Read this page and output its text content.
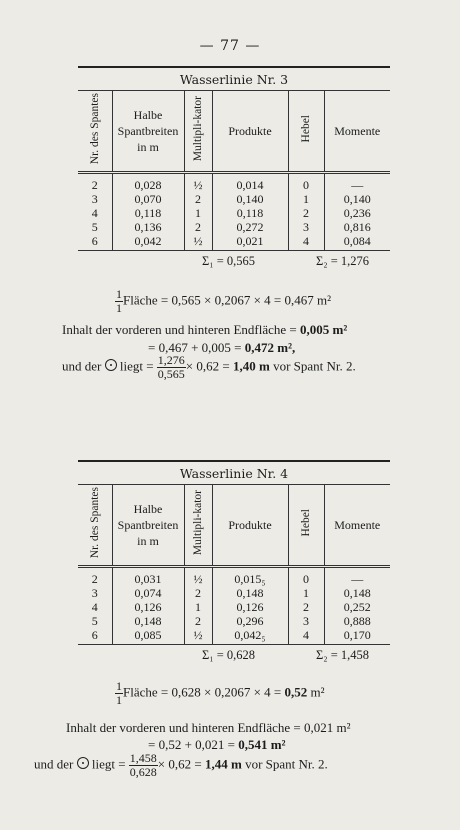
— 77 —
Wasserlinie Nr. 3
Nr. des Spantes	Halbe
Spantbreiten
in m	Multipli-kator	Produkte	Hebel	Momente
2	0,028	½	0,014	0	—
3	0,070	2	0,140	1	0,140
4	0,118	1	0,118	2	0,236
5	0,136	2	0,272	3	0,816
6	0,042	½	0,021	4	0,084
Σ₁ = 0,565	Σ₂ = 1,276
$\frac{1}{1}$ Fläche = 0,565 × 0,2067 × 4 = 0,467 m²
Inhalt der vorderen und hinteren Endfläche = 0,005 m²
= 0,467 + 0,005 = 0,472 m²,
und der liegt = $\frac{1,276}{0,565} \times 0,62 = 1,40$ m vor Spant Nr. 2.
Wasserlinie Nr. 4
Nr. des Spantes	Halbe
Spantbreiten
in m	Multipli-kator	Produkte	Hebel	Momente
2	0,031	½	0,015₅	0	—
3	0,074	2	0,148	1	0,148
4	0,126	1	0,126	2	0,252
5	0,148	2	0,296	3	0,888
6	0,085	½	0,042₅	4	0,170
Σ₁ = 0,628	Σ₂ = 1,458
$\frac{1}{1}$ Fläche = 0,628 × 0,2067 × 4 = 0,52 m²
Inhalt der vorderen und hinteren Endfläche = 0,021 m²
= 0,52 + 0,021 = 0,541 m²
und der liegt = $\frac{1,458}{0,628} \times 0,62 = 1,44$ m vor Spant Nr. 2.
